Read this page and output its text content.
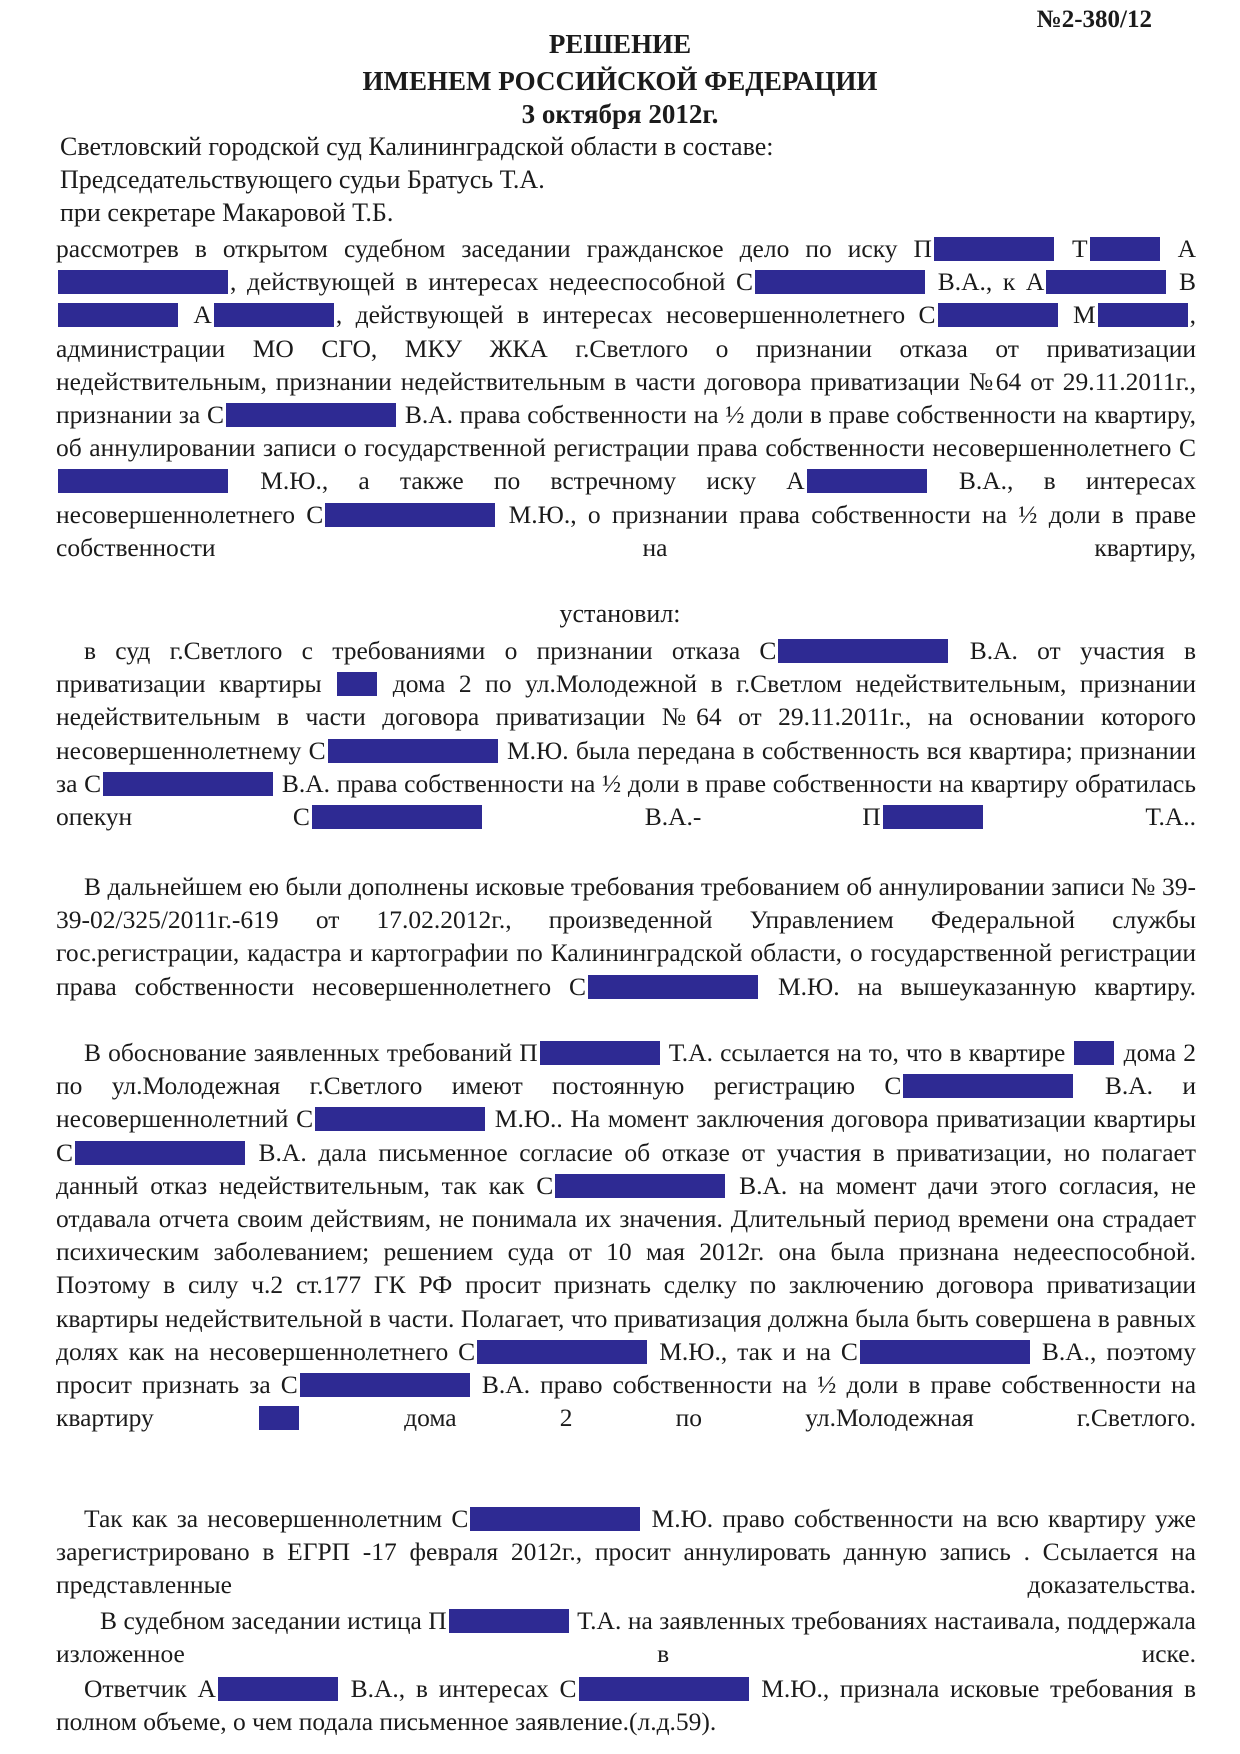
№2-380/12
РЕШЕНИЕ
ИМЕНЕМ РОССИЙСКОЙ ФЕДЕРАЦИИ
3 октября 2012г.
Светловский городской суд Калининградской области в составе:
Председательствующего судьи Братусь Т.А.
при секретаре Макаровой Т.Б.
рассмотрев в открытом судебном заседании гражданское дело по иску П	Т	А, действующей в интересах недееспособной С	В.А., к А	В А	, действующей в интересах несовершеннолетнего С	М	, администрации МО СГО, МКУ ЖКА г.Светлого о признании отказа от приватизации недействительным, признании недействительным в части договора приватизации №64 от 29.11.2011г., признании за С	В.А. права собственности на ½ доли в праве собственности на квартиру, об аннулировании записи о государственной регистрации права собственности несовершеннолетнего С М.Ю., а также по встречному иску А	В.А., в интересах несовершеннолетнего С	М.Ю., о признании права собственности на ½ доли в праве собственности на квартиру,
установил:
в суд г.Светлого с требованиями о признании отказа С	В.А. от участия в приватизации квартиры	дома 2 по ул.Молодежной в г.Светлом недействительным, признании недействительным в части договора приватизации №64 от 29.11.2011г., на основании которого несовершеннолетнему С	М.Ю. была передана в собственность вся квартира; признании за С	В.А. права собственности на ½ доли в праве собственности на квартиру обратилась опекун С	В.А.- П	Т.А..
В дальнейшем ею были дополнены исковые требования требованием об аннулировании записи № 39-39-02/325/2011г.-619 от 17.02.2012г., произведенной Управлением Федеральной службы гос.регистрации, кадастра и картографии по Калининградской области, о государственной регистрации права собственности несовершеннолетнего С	М.Ю. на вышеуказанную квартиру.
В обоснование заявленных требований П	Т.А. ссылается на то, что в квартире дома 2 по ул.Молодежная г.Светлого имеют постоянную регистрацию С	В.А. и несовершеннолетний С	М.Ю.. На момент заключения договора приватизации квартиры С	В.А. дала письменное согласие об отказе от участия в приватизации, но полагает данный отказ недействительным, так как С	В.А. на момент дачи этого согласия, не отдавала отчета своим действиям, не понимала их значения. Длительный период времени она страдает психическим заболеванием; решением суда от 10 мая 2012г. она была признана недееспособной. Поэтому в силу ч.2 ст.177 ГК РФ просит признать сделку по заключению договора приватизации квартиры недействительной в части. Полагает, что приватизация должна была быть совершена в равных долях как на несовершеннолетнего С	М.Ю., так и на С	В.А., поэтому просит признать за С	В.А. право собственности на ½ доли в праве собственности на квартиру	дома 2 по ул.Молодежная г.Светлого.
Так как за несовершеннолетним С	М.Ю. право собственности на всю квартиру уже зарегистрировано в ЕГРП -17 февраля 2012г., просит аннулировать данную запись . Ссылается на представленные доказательства.
В судебном заседании истица П	Т.А. на заявленных требованиях настаивала, поддержала изложенное в иске.
Ответчик А	В.А., в интересах С	М.Ю., признала исковые требования в полном объеме, о чем подала письменное заявление.(л.д.59).
